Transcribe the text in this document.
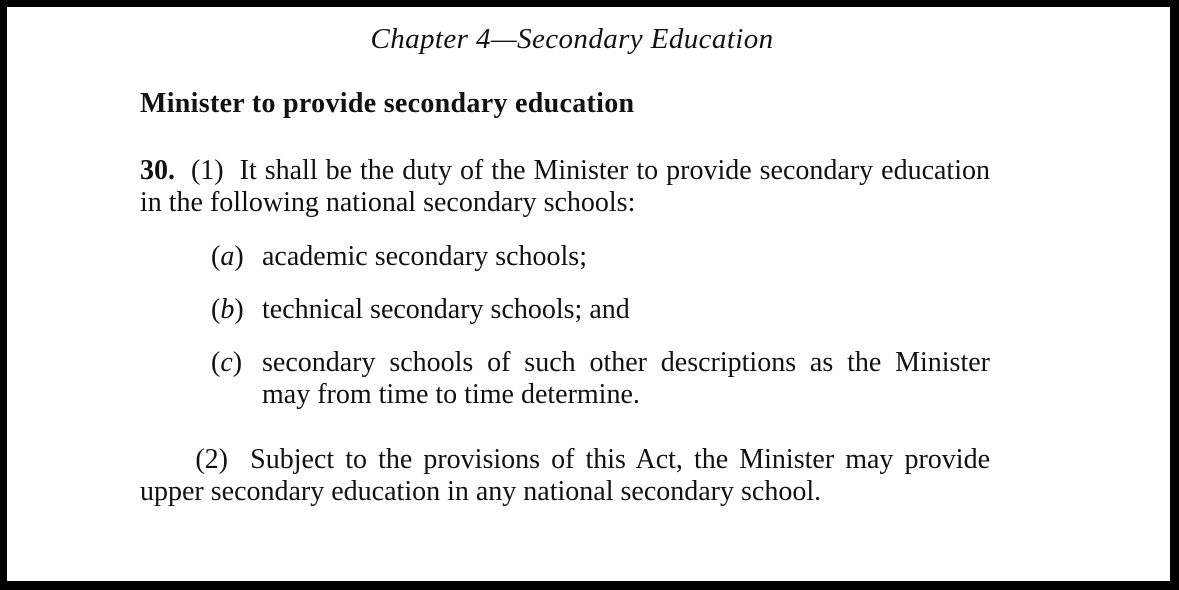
Chapter 4—Secondary Education
Minister to provide secondary education
30. (1) It shall be the duty of the Minister to provide secondary education in the following national secondary schools:
(a) academic secondary schools;
(b) technical secondary schools; and
(c) secondary schools of such other descriptions as the Minister may from time to time determine.
(2) Subject to the provisions of this Act, the Minister may provide upper secondary education in any national secondary school.
